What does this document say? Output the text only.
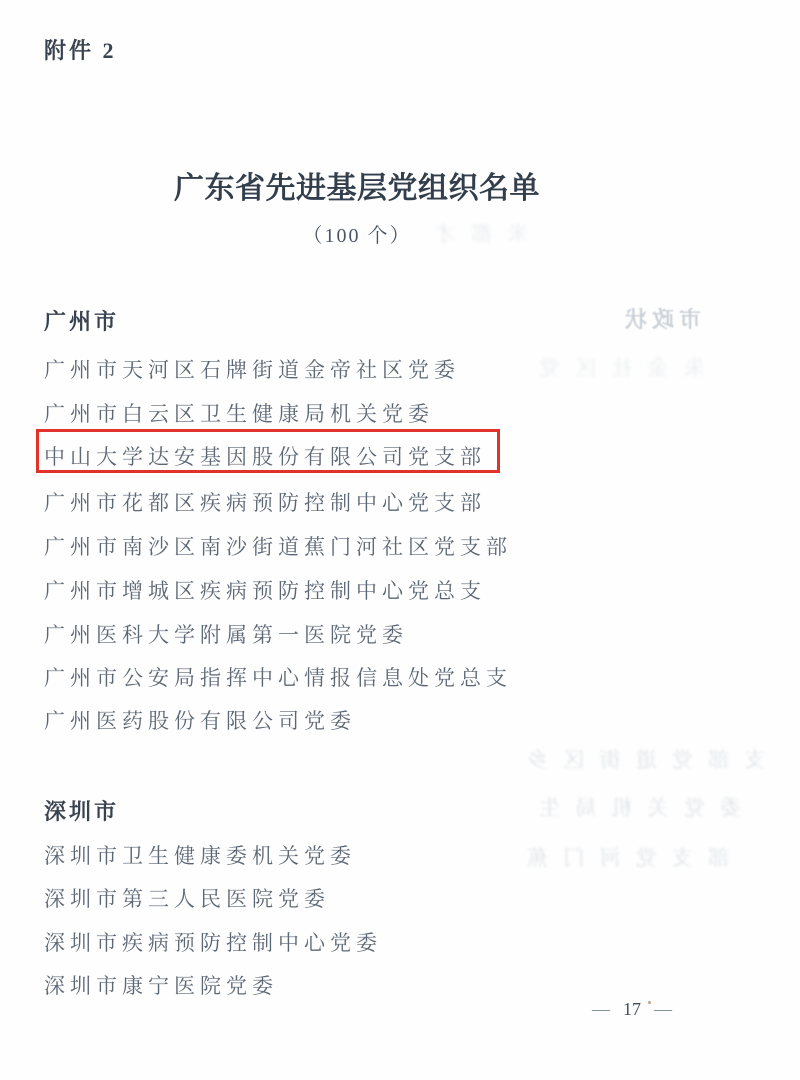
附件 2
广东省先进基层党组织名单
（100 个） 米 都 才
市政状
朱 金 社 区 党
支 部 党 道 街 区 乡
委 党 关 机 局 生
部 支 党 河 门 蕉
广州市
广州市天河区石牌街道金帝社区党委
广州市白云区卫生健康局机关党委
中山大学达安基因股份有限公司党支部
广州市花都区疾病预防控制中心党支部
广州市南沙区南沙街道蕉门河社区党支部
广州市增城区疾病预防控制中心党总支
广州医科大学附属第一医院党委
广州市公安局指挥中心情报信息处党总支
广州医药股份有限公司党委
深圳市
深圳市卫生健康委机关党委
深圳市第三人民医院党委
深圳市疾病预防控制中心党委
深圳市康宁医院党委
— 17 —
